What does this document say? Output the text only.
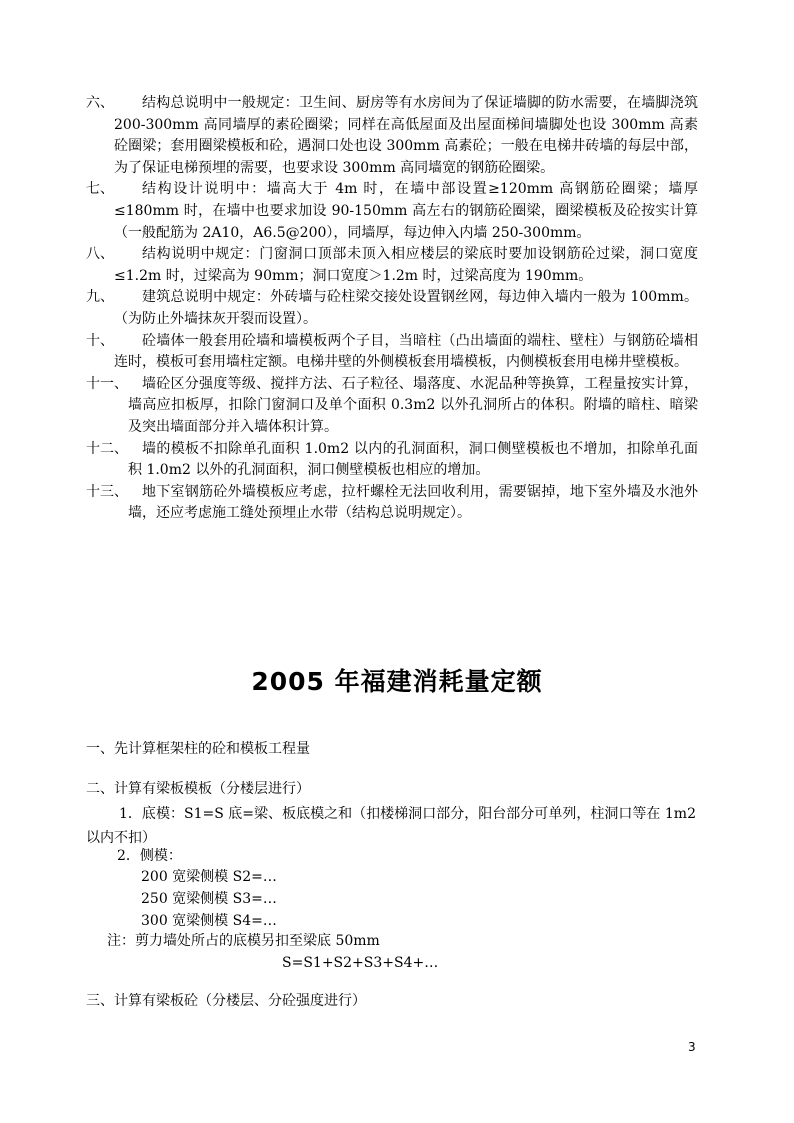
六、	结构总说明中一般规定：卫生间、厨房等有水房间为了保证墙脚的防水需要，在墙脚浇筑 200-300mm 高同墙厚的素砼圈梁；同样在高低屋面及出屋面梯间墙脚处也设 300mm 高素砼圈梁；套用圈梁模板和砼，遇洞口处也设 300mm 高素砼；一般在电梯井砖墙的每层中部，为了保证电梯预埋的需要，也要求设 300mm 高同墙宽的钢筋砼圈梁。
七、	结构设计说明中：墙高大于 4m 时，在墙中部设置≥120mm 高钢筋砼圈梁；墙厚≤180mm 时，在墙中也要求加设 90-150mm 高左右的钢筋砼圈梁，圈梁模板及砼按实计算（一般配筋为 2A10，A6.5@200），同墙厚，每边伸入内墙 250-300mm。
八、	结构说明中规定：门窗洞口顶部未顶入相应楼层的梁底时要加设钢筋砼过梁，洞口宽度≤1.2m 时，过梁高为 90mm；洞口宽度＞1.2m 时，过梁高度为 190mm。
九、	建筑总说明中规定：外砖墙与砼柱梁交接处设置钢丝网，每边伸入墙内一般为 100mm。（为防止外墙抹灰开裂而设置）。
十、	砼墙体一般套用砼墙和墙模板两个子目，当暗柱（凸出墙面的端柱、壁柱）与钢筋砼墙相连时，模板可套用墙柱定额。电梯井壁的外侧模板套用墙模板，内侧模板套用电梯井壁模板。
十一、	墙砼区分强度等级、搅拌方法、石子粒径、塌落度、水泥品种等换算，工程量按实计算，墙高应扣板厚，扣除门窗洞口及单个面积 0.3m2 以外孔洞所占的体积。附墙的暗柱、暗梁及突出墙面部分并入墙体积计算。
十二、	墙的模板不扣除单孔面积 1.0m2 以内的孔洞面积，洞口侧壁模板也不增加，扣除单孔面积 1.0m2 以外的孔洞面积，洞口侧壁模板也相应的增加。
十三、	地下室钢筋砼外墙模板应考虑，拉杆螺栓无法回收利用，需要锯掉，地下室外墙及水池外墙，还应考虑施工缝处预埋止水带（结构总说明规定）。
2005 年福建消耗量定额
一、先计算框架柱的砼和模板工程量
二、计算有梁板模板（分楼层进行）
1．底模：S1=S 底=梁、板底模之和（扣楼梯洞口部分，阳台部分可单列，柱洞口等在 1m2 以内不扣）
2．侧模：
200 宽梁侧模 S2=…
250 宽梁侧模 S3=…
300 宽梁侧模 S4=…
注：剪力墙处所占的底模另扣至梁底 50mm
S=S1+S2+S3+S4+…
三、计算有梁板砼（分楼层、分砼强度进行）
3
